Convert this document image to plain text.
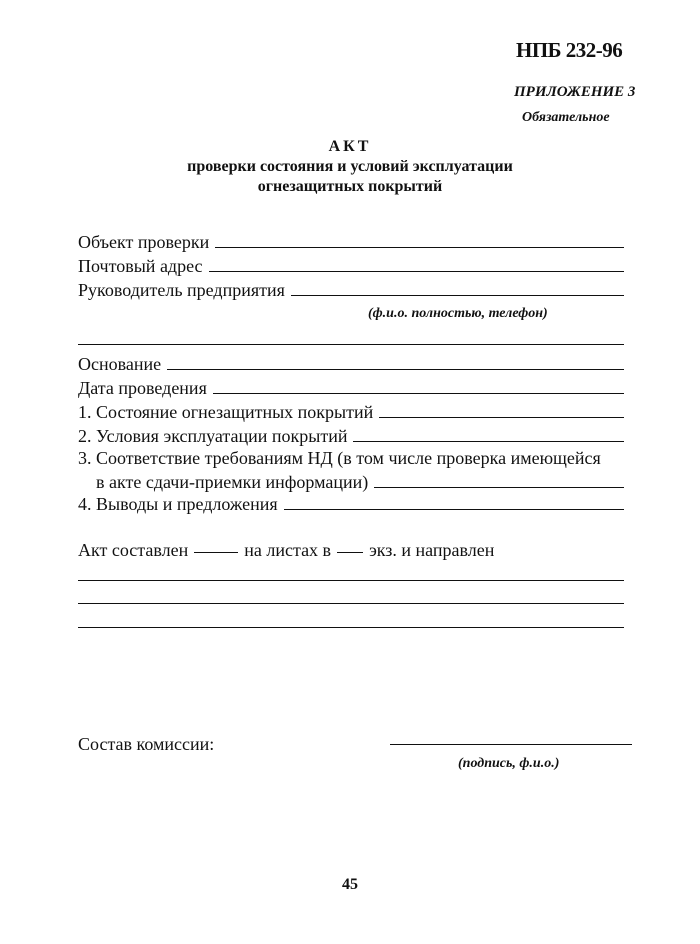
НПБ 232-96
ПРИЛОЖЕНИЕ 3
Обязательное
АКТ
проверки состояния и условий эксплуатации
огнезащитных покрытий
Объект проверки
Почтовый адрес
Руководитель предприятия
(ф.и.о. полностью, телефон)
Основание
Дата проведения
1. Состояние огнезащитных покрытий
2. Условия эксплуатации покрытий
3. Соответствие требованиям НД (в том числе проверка имеющейся
в акте сдачи-приемки информации)
4. Выводы и предложения
Акт составлен	на листах в экз. и направлен
Состав комиссии:
(подпись, ф.и.о.)
45
